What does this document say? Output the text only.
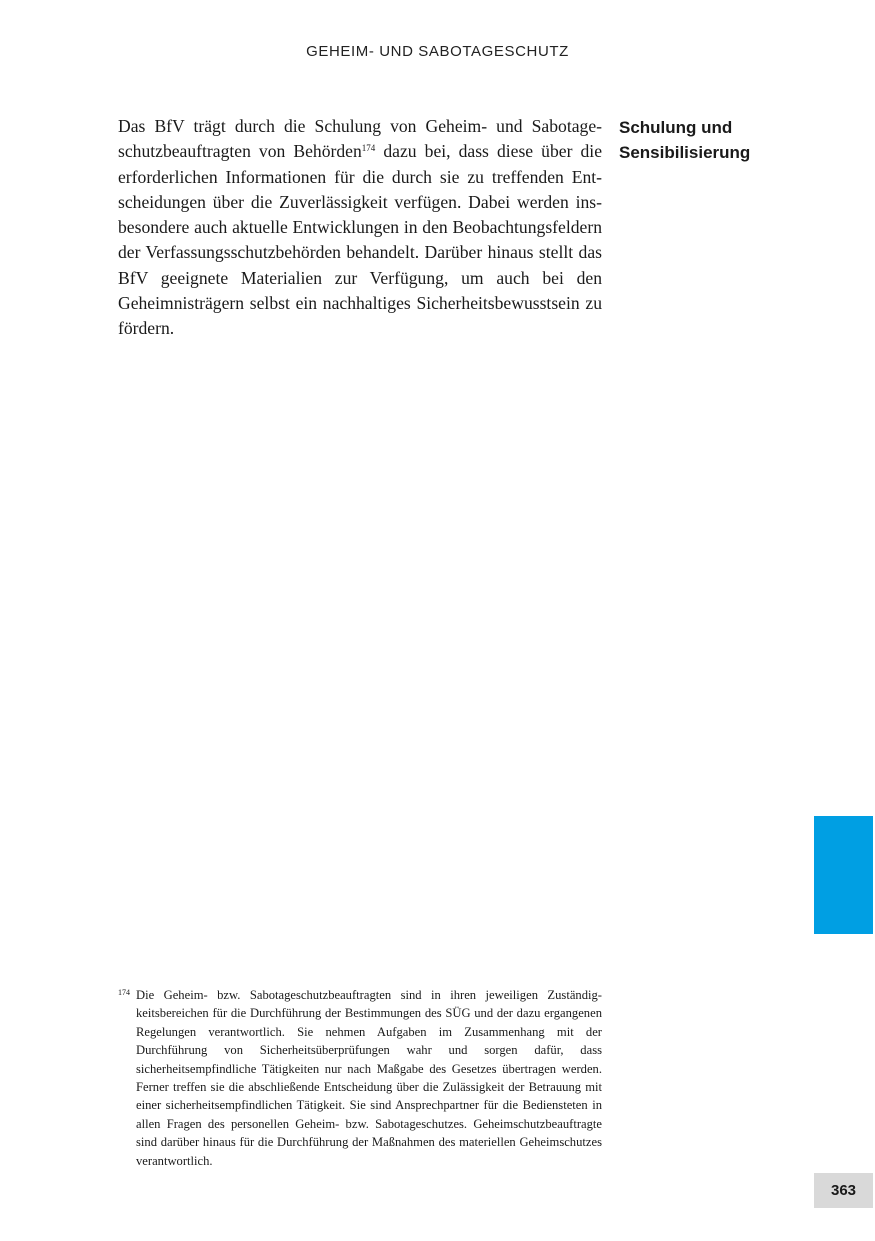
GEHEIM- UND SABOTAGESCHUTZ

Das BfV trägt durch die Schulung von Geheim- und Sabotageschutzbeauftragten von Behörden$^{174}$ dazu bei, dass diese über die erforderlichen Informationen für die durch sie zu treffenden Entscheidungen über die Zuverlässigkeit verfügen. Dabei werden insbesondere auch aktuelle Entwicklungen in den Beobachtungsfeldern der Verfassungsschutzbehörden behandelt. Darüber hinaus stellt das BfV geeignete Materialien zur Verfügung, um auch bei den Geheimnisträgern selbst ein nachhaltiges Sicherheitsbewusstsein zu fördern.

Schulung und
Sensibilisierung

174 Die Geheim- bzw. Sabotageschutzbeauftragten sind in ihren jeweiligen Zuständigkeitsbereichen für die Durchführung der Bestimmungen des SÜG und der dazu ergangenen Regelungen verantwortlich. Sie nehmen Aufgaben im Zusammenhang mit der Durchführung von Sicherheitsüberprüfungen wahr und sorgen dafür, dass sicherheitsempfindliche Tätigkeiten nur nach Maßgabe des Gesetzes übertragen werden. Ferner treffen sie die abschließende Entscheidung über die Zulässigkeit der Betrauung mit einer sicherheitsempfindlichen Tätigkeit. Sie sind Ansprechpartner für die Bediensteten in allen Fragen des personellen Geheim- bzw. Sabotageschutzes. Geheimschutzbeauftragte sind darüber hinaus für die Durchführung der Maßnahmen des materiellen Geheimschutzes verantwortlich.

363
